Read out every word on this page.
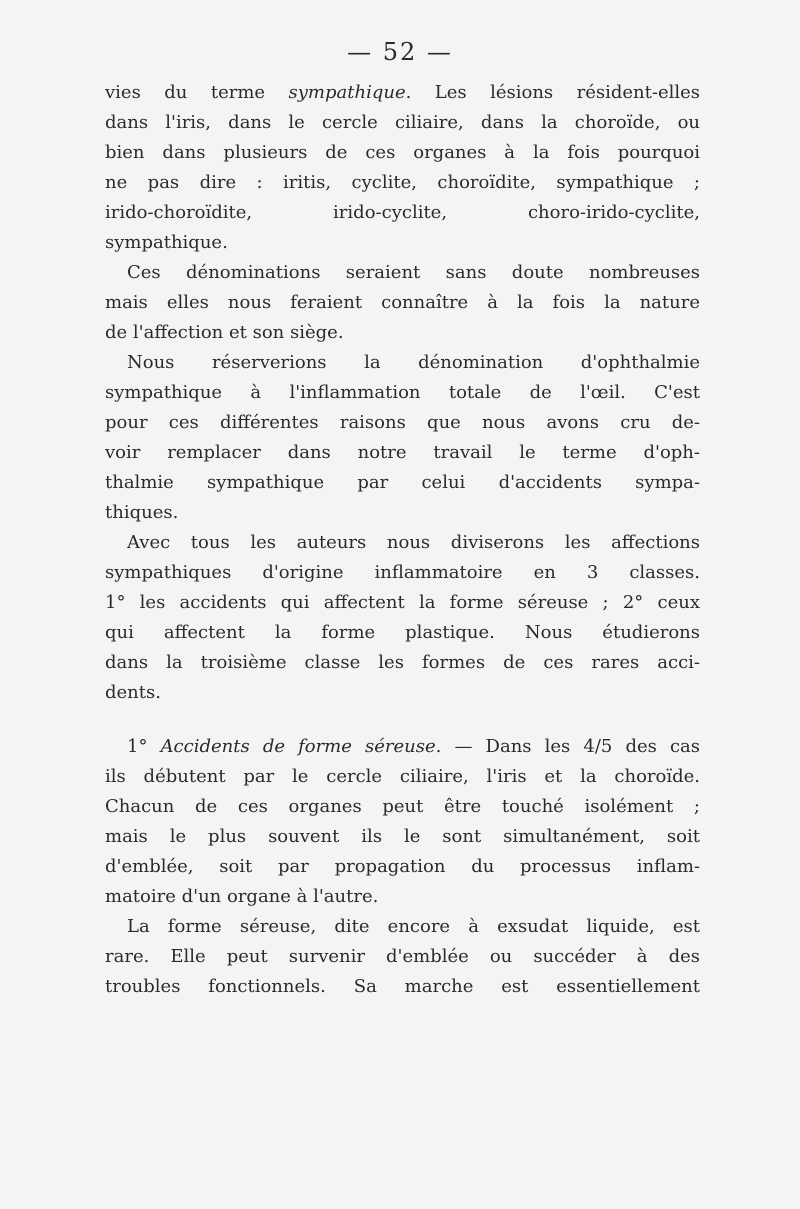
— 52 —
vies du terme sympathique. Les lésions résident-elles
dans l'iris, dans le cercle ciliaire, dans la choroïde, ou
bien dans plusieurs de ces organes à la fois pourquoi
ne pas dire : iritis, cyclite, choroïdite, sympathique ;
irido-choroïdite, irido-cyclite, choro-irido-cyclite,
sympathique.
Ces dénominations seraient sans doute nombreuses
mais elles nous feraient connaître à la fois la nature
de l'affection et son siège.
Nous réserverions la dénomination d'ophthalmie
sympathique à l'inflammation totale de l'œil. C'est
pour ces différentes raisons que nous avons cru de-
voir remplacer dans notre travail le terme d'oph-
thalmie sympathique par celui d'accidents sympa-
thiques.
Avec tous les auteurs nous diviserons les affections
sympathiques d'origine inflammatoire en 3 classes.
1° les accidents qui affectent la forme séreuse ; 2° ceux
qui affectent la forme plastique. Nous étudierons
dans la troisième classe les formes de ces rares acci-
dents.
1° Accidents de forme séreuse. — Dans les 4/5 des cas
ils débutent par le cercle ciliaire, l'iris et la choroïde.
Chacun de ces organes peut être touché isolément ;
mais le plus souvent ils le sont simultanément, soit
d'emblée, soit par propagation du processus inflam-
matoire d'un organe à l'autre.
La forme séreuse, dite encore à exsudat liquide, est
rare. Elle peut survenir d'emblée ou succéder à des
troubles fonctionnels. Sa marche est essentiellement
